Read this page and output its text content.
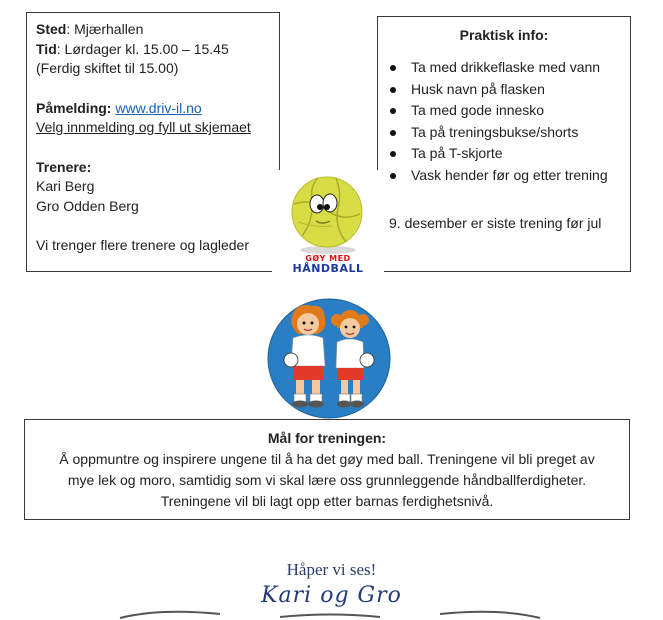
Sted: Mjærhallen

Tid: Lørdager kl. 15.00 – 15.45

(Ferdig skiftet til 15.00)

Påmelding: www.driv-il.no

Velg innmelding og fyll ut skjemaet

Trenere:

Kari Berg

Gro Odden Berg

Vi trenger flere trenere og lagleder

Praktisk info:
Ta med drikkeflaske med vann
Husk navn på flasken
Ta med gode innesko
Ta på treningsbukse/shorts
Ta på T-skjorte
Vask hender før og etter trening
9. desember er siste trening før jul
GØY MED
HÅNDBALL
Mål for treningen:
Å oppmuntre og inspirere ungene til å ha det gøy med ball. Treningene vil bli preget av
mye lek og moro, samtidig som vi skal lære oss grunnleggende håndballferdigheter.
Treningene vil bli lagt opp etter barnas ferdighetsnivå.
Håper vi ses!
Kari og Gro
